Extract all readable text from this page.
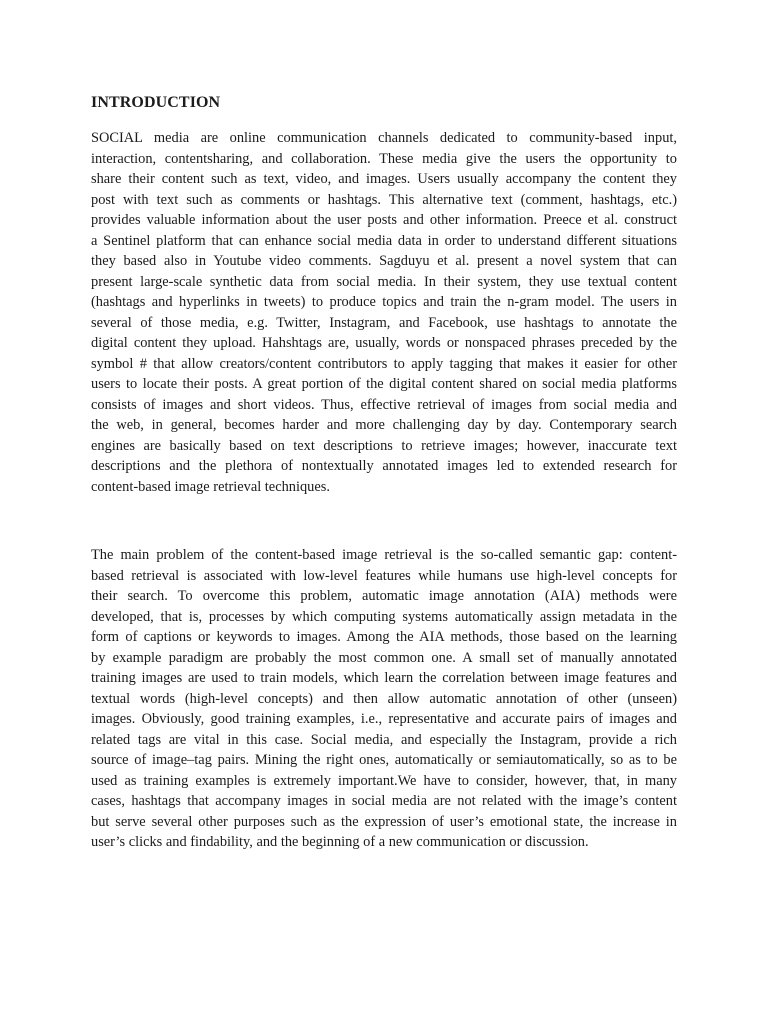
INTRODUCTION
SOCIAL media are online communication channels dedicated to community-based input,
interaction, contentsharing, and collaboration. These media give the users the opportunity to
share their content such as text, video, and images. Users usually accompany the content they
post with text such as comments or hashtags. This alternative text (comment, hashtags, etc.)
provides valuable information about the user posts and other information. Preece et al. construct
a Sentinel platform that can enhance social media data in order to understand different situations
they based also in Youtube video comments. Sagduyu et al. present a novel system that can
present large-scale synthetic data from social media. In their system, they use textual content
(hashtags and hyperlinks in tweets) to produce topics and train the n-gram model. The users in
several of those media, e.g. Twitter, Instagram, and Facebook, use hashtags to annotate the
digital content they upload. Hahshtags are, usually, words or nonspaced phrases preceded by the
symbol # that allow creators/content contributors to apply tagging that makes it easier for other
users to locate their posts. A great portion of the digital content shared on social media platforms
consists of images and short videos. Thus, effective retrieval of images from social media and
the web, in general, becomes harder and more challenging day by day. Contemporary search
engines are basically based on text descriptions to retrieve images; however, inaccurate text
descriptions and the plethora of nontextually annotated images led to extended research for
content-based image retrieval techniques.
The main problem of the content-based image retrieval is the so-called semantic gap: content-
based retrieval is associated with low-level features while humans use high-level concepts for
their search. To overcome this problem, automatic image annotation (AIA) methods were
developed, that is, processes by which computing systems automatically assign metadata in the
form of captions or keywords to images. Among the AIA methods, those based on the learning
by example paradigm are probably the most common one. A small set of manually annotated
training images are used to train models, which learn the correlation between image features and
textual words (high-level concepts) and then allow automatic annotation of other (unseen)
images. Obviously, good training examples, i.e., representative and accurate pairs of images and
related tags are vital in this case. Social media, and especially the Instagram, provide a rich
source of image–tag pairs. Mining the right ones, automatically or semiautomatically, so as to be
used as training examples is extremely important.We have to consider, however, that, in many
cases, hashtags that accompany images in social media are not related with the image’s content
but serve several other purposes such as the expression of user’s emotional state, the increase in
user’s clicks and findability, and the beginning of a new communication or discussion.
